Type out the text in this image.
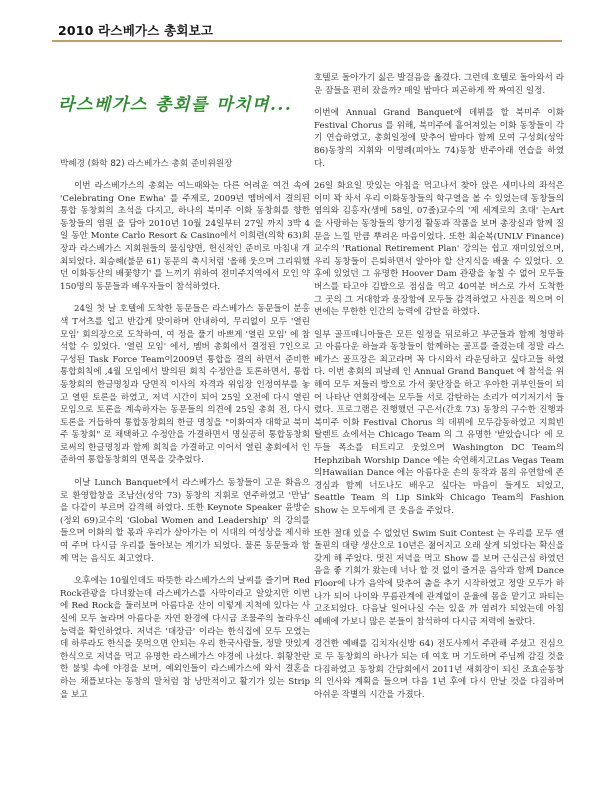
2010 라스베가스 총회보고
라스베가스 총회를 마치며...
박혜경 (화학 82) 라스베가스 총회 준비위원장

이번 라스베가스의 총회는 여느때와는 다른 어려운 여건 속에 'Celebrating One Ewha' 를 주제로, 2009년 멤버에서 결의된 통합 동창회의 초석을 다지고, 하나의 북미주 이화 동창회를 향한 동창들의 염원 을 담아 2010년 10월 24일부터 27일 까지 3박 4일 동안 Monte Carlo Resort & Casino에서 이희련(의학 63)회장과 라스베가스 지회원들의 물심양면, 헌신적인 준비로 마침내 개최되었다. 최승혜(불문 61) 동문의 축시처럼 '올해 웃으며 그리워했던 이화동산의 배꽃향기' 를 느끼기 위하여 전미주지역에서 모인 약 150명의 동문들과 배우자들이 참석하였다.

24일 첫 날 호텔에 도착한 동문들은 라스베가스 동문들이 분홍색 T셔츠를 입고 반갑게 맞이하며 안내하여, 무리없이 모두 '열린 모임' 회의장으로 도착하여, 여 정을 풀기 바쁘게 '열린 모임' 에 참석할 수 있었다. '열린 모임' 에서, 멤버 총회에서 결정된 7인으로 구성된 Task Force Team이2009년 통합을 결의 하면서 준비한 통합회칙에 ,4월 모임에서 발의된 회칙 수정안을 토론하면서, 통합동창회의 한글명칭과 당면직 이사의 자격과 위임장 인정여부를 놓고 열띤 토론을 하였고, 저녁 시간이 되어 25일 오전에 다시 열린 모임으로 토론을 계속하자는 동문들의 의견에 25일 총회 전, 다시 토론을 거듭하여 통합동창회의 한글 명칭을 "이화여자 대학교 북미주 동창회" 로 채택하고 수정안을 가결하면서 명실공히 통합동창회로써의 한글명칭과 함께 회칙을 가결하고 이어서 열린 총회에서 인준하여 통합동창회의 면목을 갖추었다.

이날 Lunch Banquet에서 라스베가스 동창들이 고운 화음으로 환영합창을 조남선(성악 73) 동창의 지휘로 연주하였고 '만남' 을 다같이 부르며 감격해 하였다. 또한 Keynote Speaker 윤방순(정외 69)교수의 'Global Women and Leadership' 의 강의를 들으며 이화의 할 몫과 우리가 살아가는 이 시대의 여성상을 제시하여 주며 다시금 우리를 돌아보는 계기가 되었다. 물론 동문들과 함께 먹는 음식도 최고였다.

오후에는 10월인데도 따뜻한 라스베가스의 날씨를 즐기며 Red Rock관광을 다녀왔는데 라스베가스를 사막이라고 알았지만 이번에 Red Rock을 둘러보며 아름다운 산이 이렇게 지척에 있다는 사실에 모두 놀라며 아름다운 자연 환경에 다시금 조물주의 놀라우신 능력을 확인하였다. 저녁은 '대장금' 이라는 한식집에 모두 모였는데 하루라도 한식을 못먹으면 안되는 우리 한국사람들, 정말 맛있게 한식으로 저녁을 먹고 유명한 라스베가스 야경에 나섰다. 휘황찬란한 불빛 속에 야경을 보며, 예외인들이 라스베가스에 와서 결혼을 하는 채플보다는 동창의 말처럼 참 낭만적이고 활기가 있는 Strip을 보고

호텔로 돌아가기 싫은 발걸음을 옮겼다. 그런데 호텔로 돌아와서 라운 잠들을 편히 잤을까? 매일 밤마다 피곤하게 짝 짜여진 일정.

이번에 Annual Grand Banquet에 데뷔를 할 북미주 이화 Festival Chorus 를 위해, 북미주에 흩어져있는 이화 동창들이 각기 연습하였고, 총회일정에 맞추어 밤마다 함께 모여 구성회(성악 86)동창의 지휘와 이명례(피아노 74)동창 반주아래 연습을 하였다.

26일 화요일 맛있는 아침을 먹고나서 찾아 앉은 세미나의 좌석은 이미 꽉 차서 우리 이화동창들의 학구열을 볼 수 있었는데 동창들의 염의와 김홍자(생메 58일, 07졸)교수의 '제 세계로의 초대' 는Art을 사랑하는 동창들의 향기정 활동과 작품을 보며 총장실과 함께 질문을 느낄 만큼 뿌려온 마음이었다. 또한 최순복(UNLV Finance)교수의 'Rational Retirement Plan' 강의는 쉽고 재미있었으며,우리 동창들이 은퇴하면서 알아야 할 산지식을 배울 수 있었다. 오후에 있었던 그 유명한 Hoover Dam 관광을 놓칠 수 없어 모두들 버스를 타고야 김밥으로 점심을 먹고 40여분 버스로 가서 도착한 그 곳의 그 거대함과 웅장함에 모두들 감격하였고 사진을 찍으며 이번에는 무한한 인간의 능력에 감탄을 하였다.

일부 골프매니아들은 모든 일정을 뒤로하고 부군들과 함께 청명하고 아름다운 하늘과 동창들이 함께하는 골프를 즐겼는데 정말 라스베가스 골프장은 최고라며 꼭 다시와서 라운딩하고 싶다고들 하였다. 이번 총회의 피날레 인 Annual Grand Banquet 에 참석을 위해여 모두 저들러 방으로 가서 꽃단장을 하고 우아한 귀부인들이 되어 나타난 연회장에는 모두들 서로 감탄하는 소리가 여기저기서 들렸다. 프로그램은 진행했던 구은서(간호 73) 동창의 구수한 진행과 북미주 이화 Festival Chorus 의 데뷔에 모두감동하였고 지희빈 탈렌트 쇼에서는 Chicago Team 의 그 유명한 '받았습니다' 에 모두들 폭소를 터트리고 웃었으며 Washington DC Team의 Hephzibah Worship Dance 에는 숙연해지고Las Vegas Team 의Hawaiian Dance 에는 아름다운 손의 동작과 몸의 유연함에 존경심과 함께 너도나도 배우고 싶다는 마음이 들게도 되었고, Seattle Team 의 Lip Sink와 Chicago Team의 Fashion Show 는 모두에게 큰 웃음을 주었다.

또한 절대 있을 수 없었던 Swim Suit Contest 는 우리를 모두 앤돌핀의 대량 생산으로 10년은 젊어지고 오래 살게 되었다는 확신을 갖게 해 주었다. 멋진 저녁을 먹고 Show 를 보며 근심근심 하였던 음을 좋 기회가 왔는데 너나 할 것 없이 즐거운 음악과 함께 Dance Floor에 나가 음악에 맞추어 춤을 추기 시작하였고 정말 모두가 하나가 되어 나이와 무름관계에 관계없이 운율에 몸을 맡기고 파티는 고조되었다. 다음날 일어나실 수는 있을 까 염려가 되었는데 아침 예배에 가보니 많은 분들이 참석하여 다시금 저력에 놀랐다.

경건한 예배를 김치자(신방 64) 전도사께서 주관해 주셨고 진심으로 두 동창회의 하나가 되는 데 여호 머 기도하며 주님께 감길 것을 다짐하였고 동창회 간담회에서 2011년 새회장이 되신 조효순동창의 인사와 계획을 들으며 다음 1년 후에 다시 만날 것을 다짐하며 아쉬운 작별의 시간을 가졌다.
